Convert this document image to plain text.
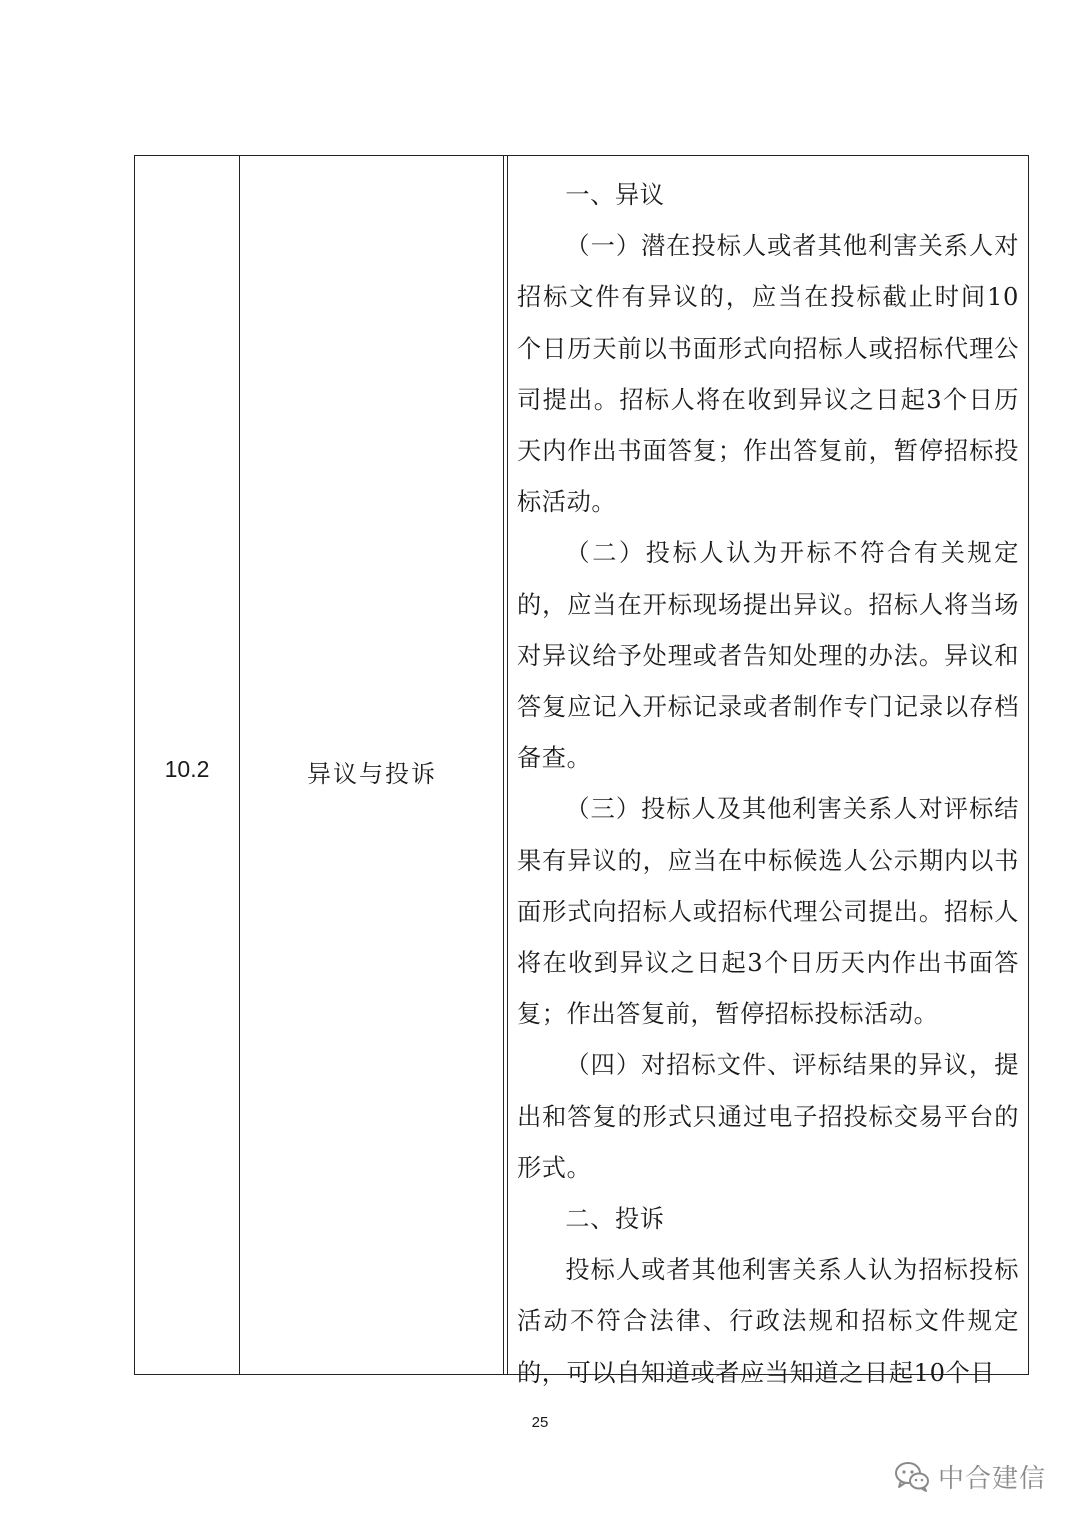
10.2	异议与投诉

一、异议

（一）潜在投标人或者其他利害关系人对招标文件有异议的，应当在投标截止时间10个日历天前以书面形式向招标人或招标代理公司提出。招标人将在收到异议之日起3个日历天内作出书面答复；作出答复前，暂停招标投标活动。

（二）投标人认为开标不符合有关规定的，应当在开标现场提出异议。招标人将当场对异议给予处理或者告知处理的办法。异议和答复应记入开标记录或者制作专门记录以存档备查。

（三）投标人及其他利害关系人对评标结果有异议的，应当在中标候选人公示期内以书面形式向招标人或招标代理公司提出。招标人将在收到异议之日起3个日历天内作出书面答复；作出答复前，暂停招标投标活动。

（四）对招标文件、评标结果的异议，提出和答复的形式只通过电子招投标交易平台的形式。

二、投诉

投标人或者其他利害关系人认为招标投标活动不符合法律、行政法规和招标文件规定的，可以自知道或者应当知道之日起10个日

25
中合建信
